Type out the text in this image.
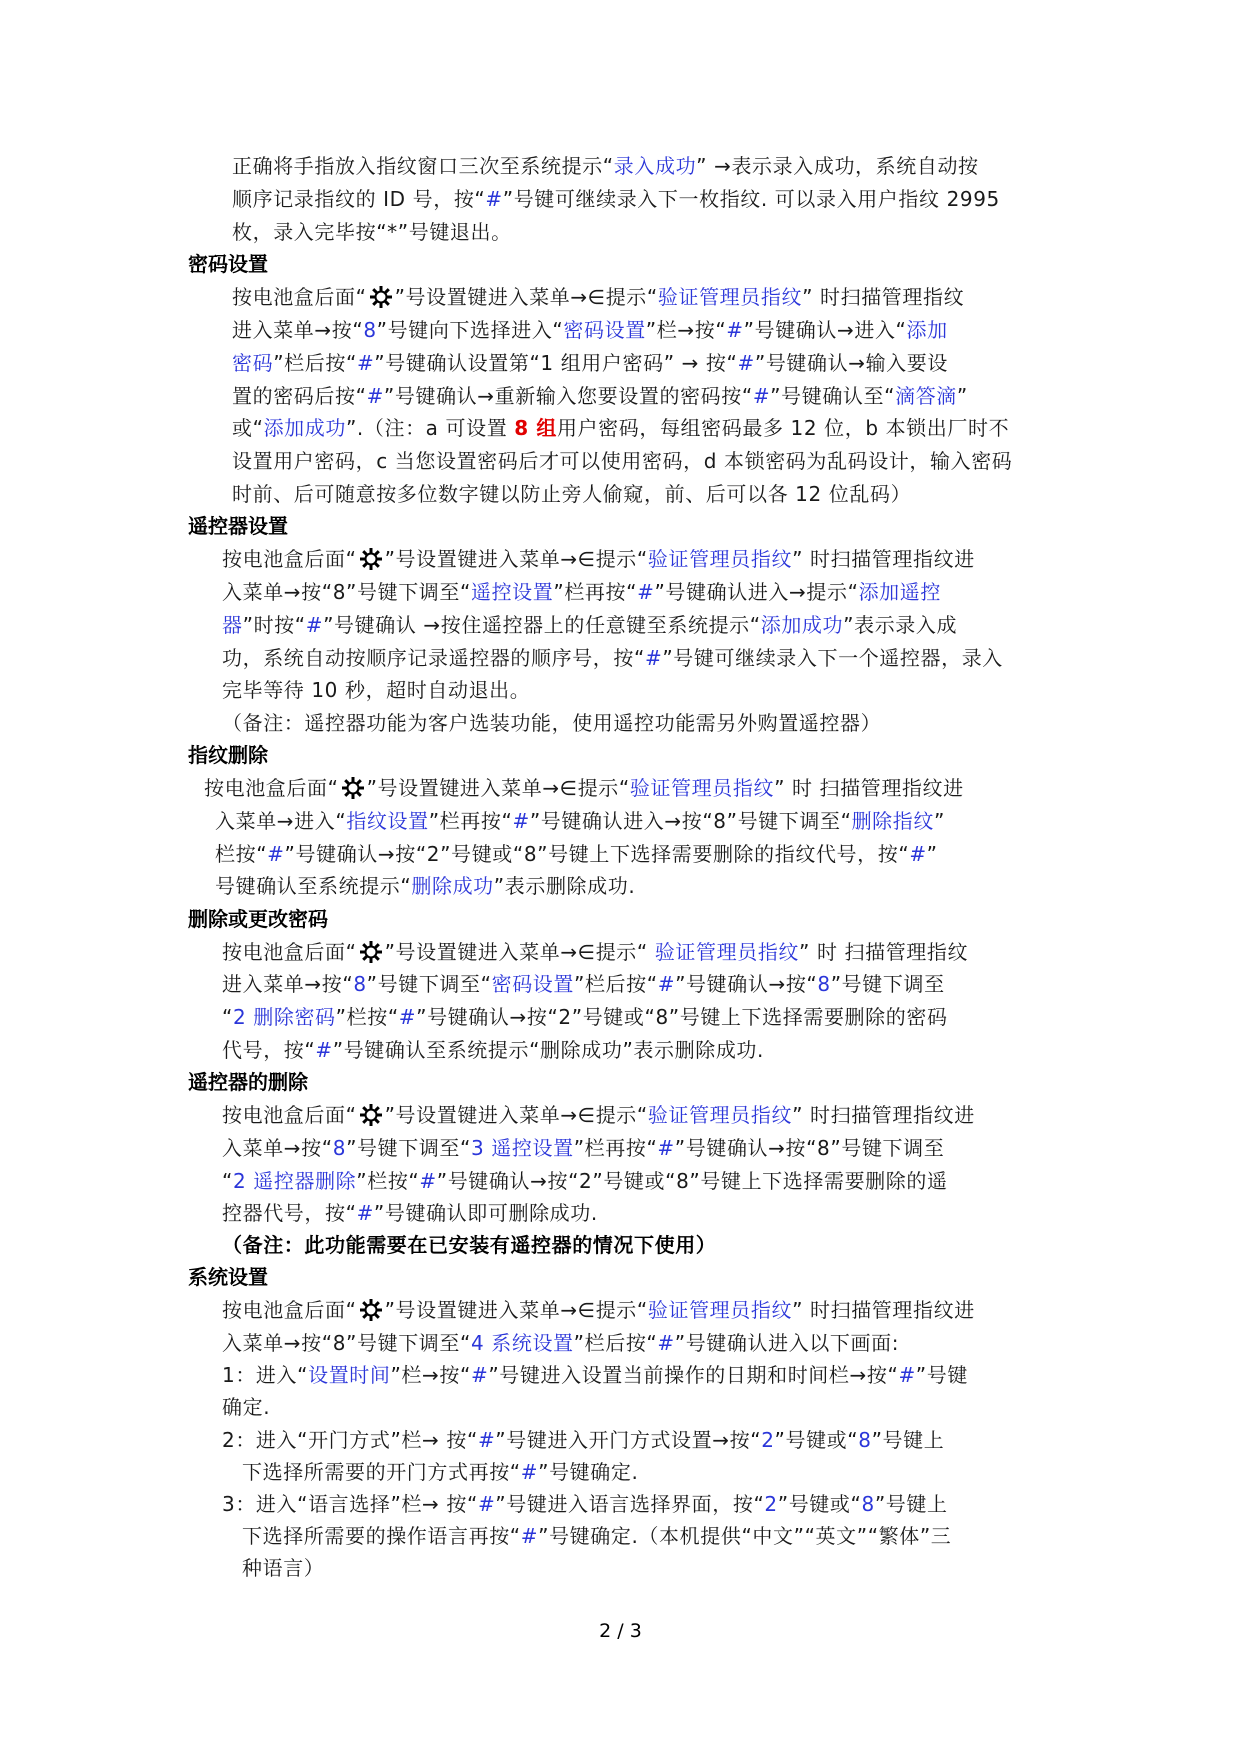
正确将手指放入指纹窗口三次至系统提示“录入成功” →表示录入成功，系统自动按
顺序记录指纹的 ID 号，按“#”号键可继续录入下一枚指纹. 可以录入用户指纹 2995
枚，录入完毕按“*”号键退出。
密码设置
按电池盒后面“ ”号设置键进入菜单→∈提示“验证管理员指纹” 时扫描管理指纹
进入菜单→按“8”号键向下选择进入“密码设置”栏→按“#”号键确认→进入“添加
密码”栏后按“#”号键确认设置第“1 组用户密码” → 按“#”号键确认→输入要设
置的密码后按“#”号键确认→重新输入您要设置的密码按“#”号键确认至“滴答滴”
或“添加成功”.（注：a 可设置 8 组用户密码，每组密码最多 12 位，b 本锁出厂时不
设置用户密码，c 当您设置密码后才可以使用密码，d 本锁密码为乱码设计，输入密码
时前、后可随意按多位数字键以防止旁人偷窥，前、后可以各 12 位乱码）
遥控器设置
按电池盒后面“ ”号设置键进入菜单→∈提示“验证管理员指纹” 时扫描管理指纹进
入菜单→按“8”号键下调至“遥控设置”栏再按“#”号键确认进入→提示“添加遥控
器”时按“#”号键确认 →按住遥控器上的任意键至系统提示“添加成功”表示录入成
功，系统自动按顺序记录遥控器的顺序号，按“#”号键可继续录入下一个遥控器，录入
完毕等待 10 秒，超时自动退出。
（备注：遥控器功能为客户选装功能，使用遥控功能需另外购置遥控器）
指纹删除
按电池盒后面“ ”号设置键进入菜单→∈提示“验证管理员指纹” 时 扫描管理指纹进
入菜单→进入“指纹设置”栏再按“#”号键确认进入→按“8”号键下调至“删除指纹”
栏按“#”号键确认→按“2”号键或“8”号键上下选择需要删除的指纹代号，按“#”
号键确认至系统提示“删除成功”表示删除成功.
删除或更改密码
按电池盒后面“ ”号设置键进入菜单→∈提示“ 验证管理员指纹” 时 扫描管理指纹
进入菜单→按“8”号键下调至“密码设置”栏后按“#”号键确认→按“8”号键下调至
“2 删除密码”栏按“#”号键确认→按“2”号键或“8”号键上下选择需要删除的密码
代号，按“#”号键确认至系统提示“删除成功”表示删除成功.
遥控器的删除
按电池盒后面“ ”号设置键进入菜单→∈提示“验证管理员指纹” 时扫描管理指纹进
入菜单→按“8”号键下调至“3 遥控设置”栏再按“#”号键确认→按“8”号键下调至
“2 遥控器删除”栏按“#”号键确认→按“2”号键或“8”号键上下选择需要删除的遥
控器代号，按“#”号键确认即可删除成功.
（备注：此功能需要在已安装有遥控器的情况下使用）
系统设置
按电池盒后面“ ”号设置键进入菜单→∈提示“验证管理员指纹” 时扫描管理指纹进
入菜单→按“8”号键下调至“4 系统设置”栏后按“#”号键确认进入以下画面:
1：进入“设置时间”栏→按“#”号键进入设置当前操作的日期和时间栏→按“#”号键
确定.
2：进入“开门方式”栏→ 按“#”号键进入开门方式设置→按“2”号键或“8”号键上
下选择所需要的开门方式再按“#”号键确定.
3：进入“语言选择”栏→ 按“#”号键进入语言选择界面，按“2”号键或“8”号键上
下选择所需要的操作语言再按“#”号键确定.（本机提供“中文”“英文”“繁体”三
种语言）
2 / 3
